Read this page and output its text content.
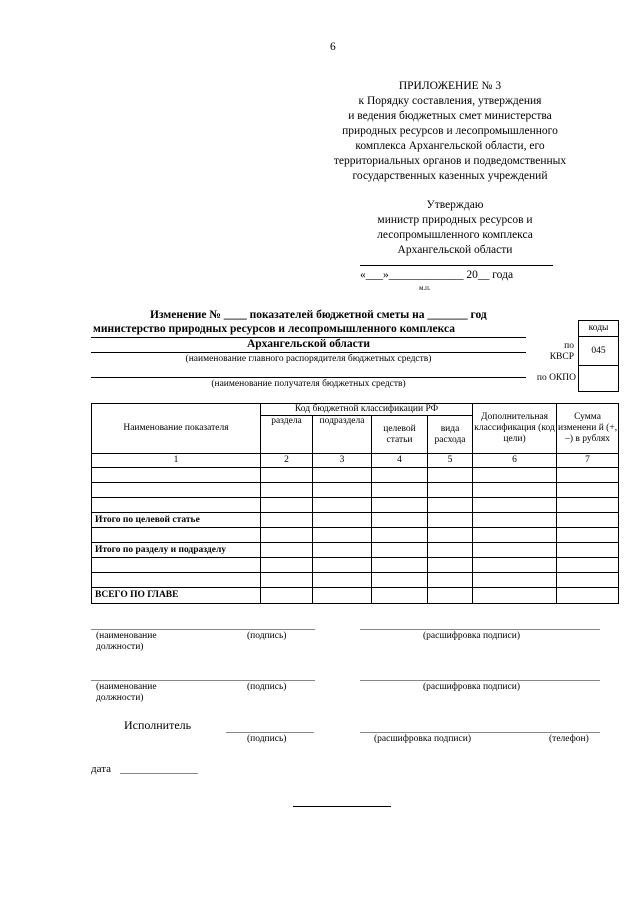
6
ПРИЛОЖЕНИЕ № 3
к Порядку составления, утверждения
и ведения бюджетных смет министерства
природных ресурсов и лесопромышленного
комплекса Архангельской области, его
территориальных органов и подведомственных
государственных казенных учреждений
Утверждаю
министр природных ресурсов и
лесопромышленного комплекса
Архангельской области
«___»_____________ 20__ года
м.п.
Изменение № ____ показателей бюджетной сметы на _______ год
министерство природных ресурсов и лесопромышленного комплекса
Архангельской области
(наименование главного распорядителя бюджетных средств)
(наименование получателя бюджетных средств)
коды
045
по
КВСР
по ОКПО
Наименование показателя	Код бюджетной классификации РФ				Дополнительная классификация (код цели)	Сумма изменени й (+, –) в рублях
	раздела	подраздела	целевой статьи	вида расхода		
1	2	3	4	5	6	7

Итого по целевой статье						

Итого по разделу и подразделу						

ВСЕГО ПО ГЛАВЕ						
(наименование должности)
(подпись)	(расшифровка подписи)
(наименование должности)
(подпись)	(расшифровка подписи)
Исполнитель
(подпись)	(расшифровка подписи)	(телефон)
дата
